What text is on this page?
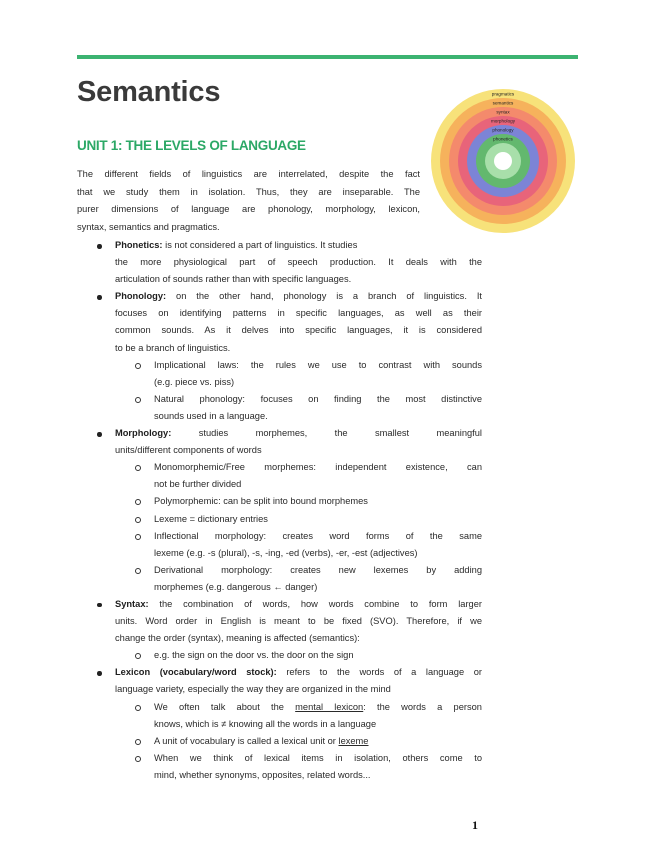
Semantics
UNIT 1: THE LEVELS OF LANGUAGE

The different fields of linguistics are interrelated, despite the fact
that we study them in isolation. Thus, they are inseparable. The
purer dimensions of language are phonology, morphology, lexicon,
syntax, semantics and pragmatics.

pragmatics
semantics
syntax
morphology
phonology
phonetics
Phonetics: is not considered a part of linguistics. It studies
the more physiological part of speech production. It deals with the
articulation of sounds rather than with specific languages.
Phonology: on the other hand, phonology is a branch of linguistics. It
focuses on identifying patterns in specific languages, as well as their
common sounds. As it delves into specific languages, it is considered
to be a branch of linguistics.
Implicational laws: the rules we use to contrast with sounds
(e.g. piece vs. piss)
Natural phonology: focuses on finding the most distinctive
sounds used in a language.
Morphology:	studies morphemes, the smallest meaningful
units/different components of words
Monomorphemic/Free morphemes: independent existence, can
not be further divided
Polymorphemic: can be split into bound morphemes
Lexeme = dictionary entries
Inflectional morphology: creates word forms of the same
lexeme (e.g. -s (plural), -s, -ing, -ed (verbs), -er, -est (adjectives)
Derivational morphology: creates new lexemes by adding
morphemes (e.g. dangerous ← danger)
Syntax: the combination of words, how words combine to form larger
units. Word order in English is meant to be fixed (SVO). Therefore, if we
change the order (syntax), meaning is affected (semantics):
e.g. the sign on the door vs. the door on the sign
Lexicon (vocabulary/word stock): refers to the words of a language or
language variety, especially the way they are organized in the mind
We often talk about the mental lexicon: the words a person
knows, which is ≠ knowing all the words in a language
A unit of vocabulary is called a lexical unit or lexeme
When we think of lexical items in isolation, others come to
mind, whether synonyms, opposites, related words...
1
